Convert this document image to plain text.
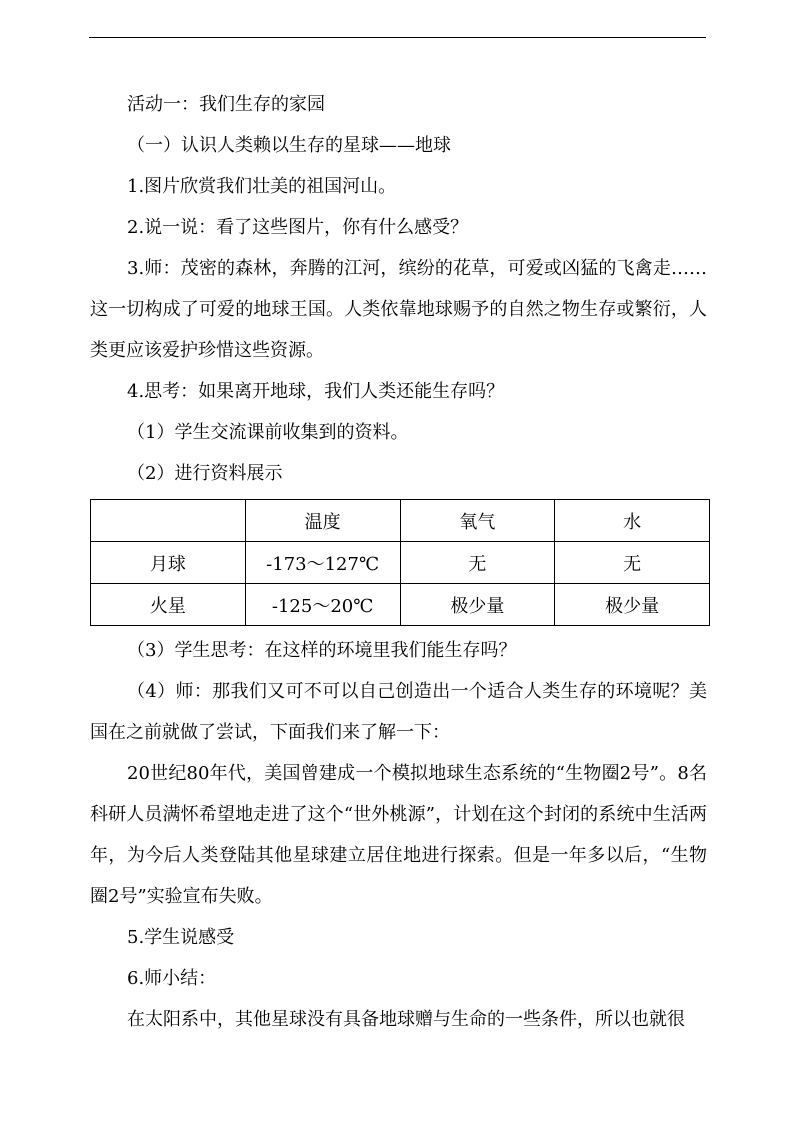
活动一：我们生存的家园

（一）认识人类赖以生存的星球——地球

1.图片欣赏我们壮美的祖国河山。

2.说一说：看了这些图片，你有什么感受？

3.师：茂密的森林，奔腾的江河，缤纷的花草，可爱或凶猛的飞禽走……这一切构成了可爱的地球王国。人类依靠地球赐予的自然之物生存或繁衍，人类更应该爱护珍惜这些资源。

4.思考：如果离开地球，我们人类还能生存吗？

（1）学生交流课前收集到的资料。

（2）进行资料展示

	温度	氧气	水
月球	-173～127℃	无	无
火星	-125～20℃	极少量	极少量

（3）学生思考：在这样的环境里我们能生存吗？

（4）师：那我们又可不可以自己创造出一个适合人类生存的环境呢？美国在之前就做了尝试，下面我们来了解一下：

20世纪80年代，美国曾建成一个模拟地球生态系统的“生物圈2号”。8名科研人员满怀希望地走进了这个“世外桃源”，计划在这个封闭的系统中生活两年，为今后人类登陆其他星球建立居住地进行探索。但是一年多以后，“生物圈2号”实验宣布失败。

5.学生说感受

6.师小结：

在太阳系中，其他星球没有具备地球赠与生命的一些条件，所以也就很
